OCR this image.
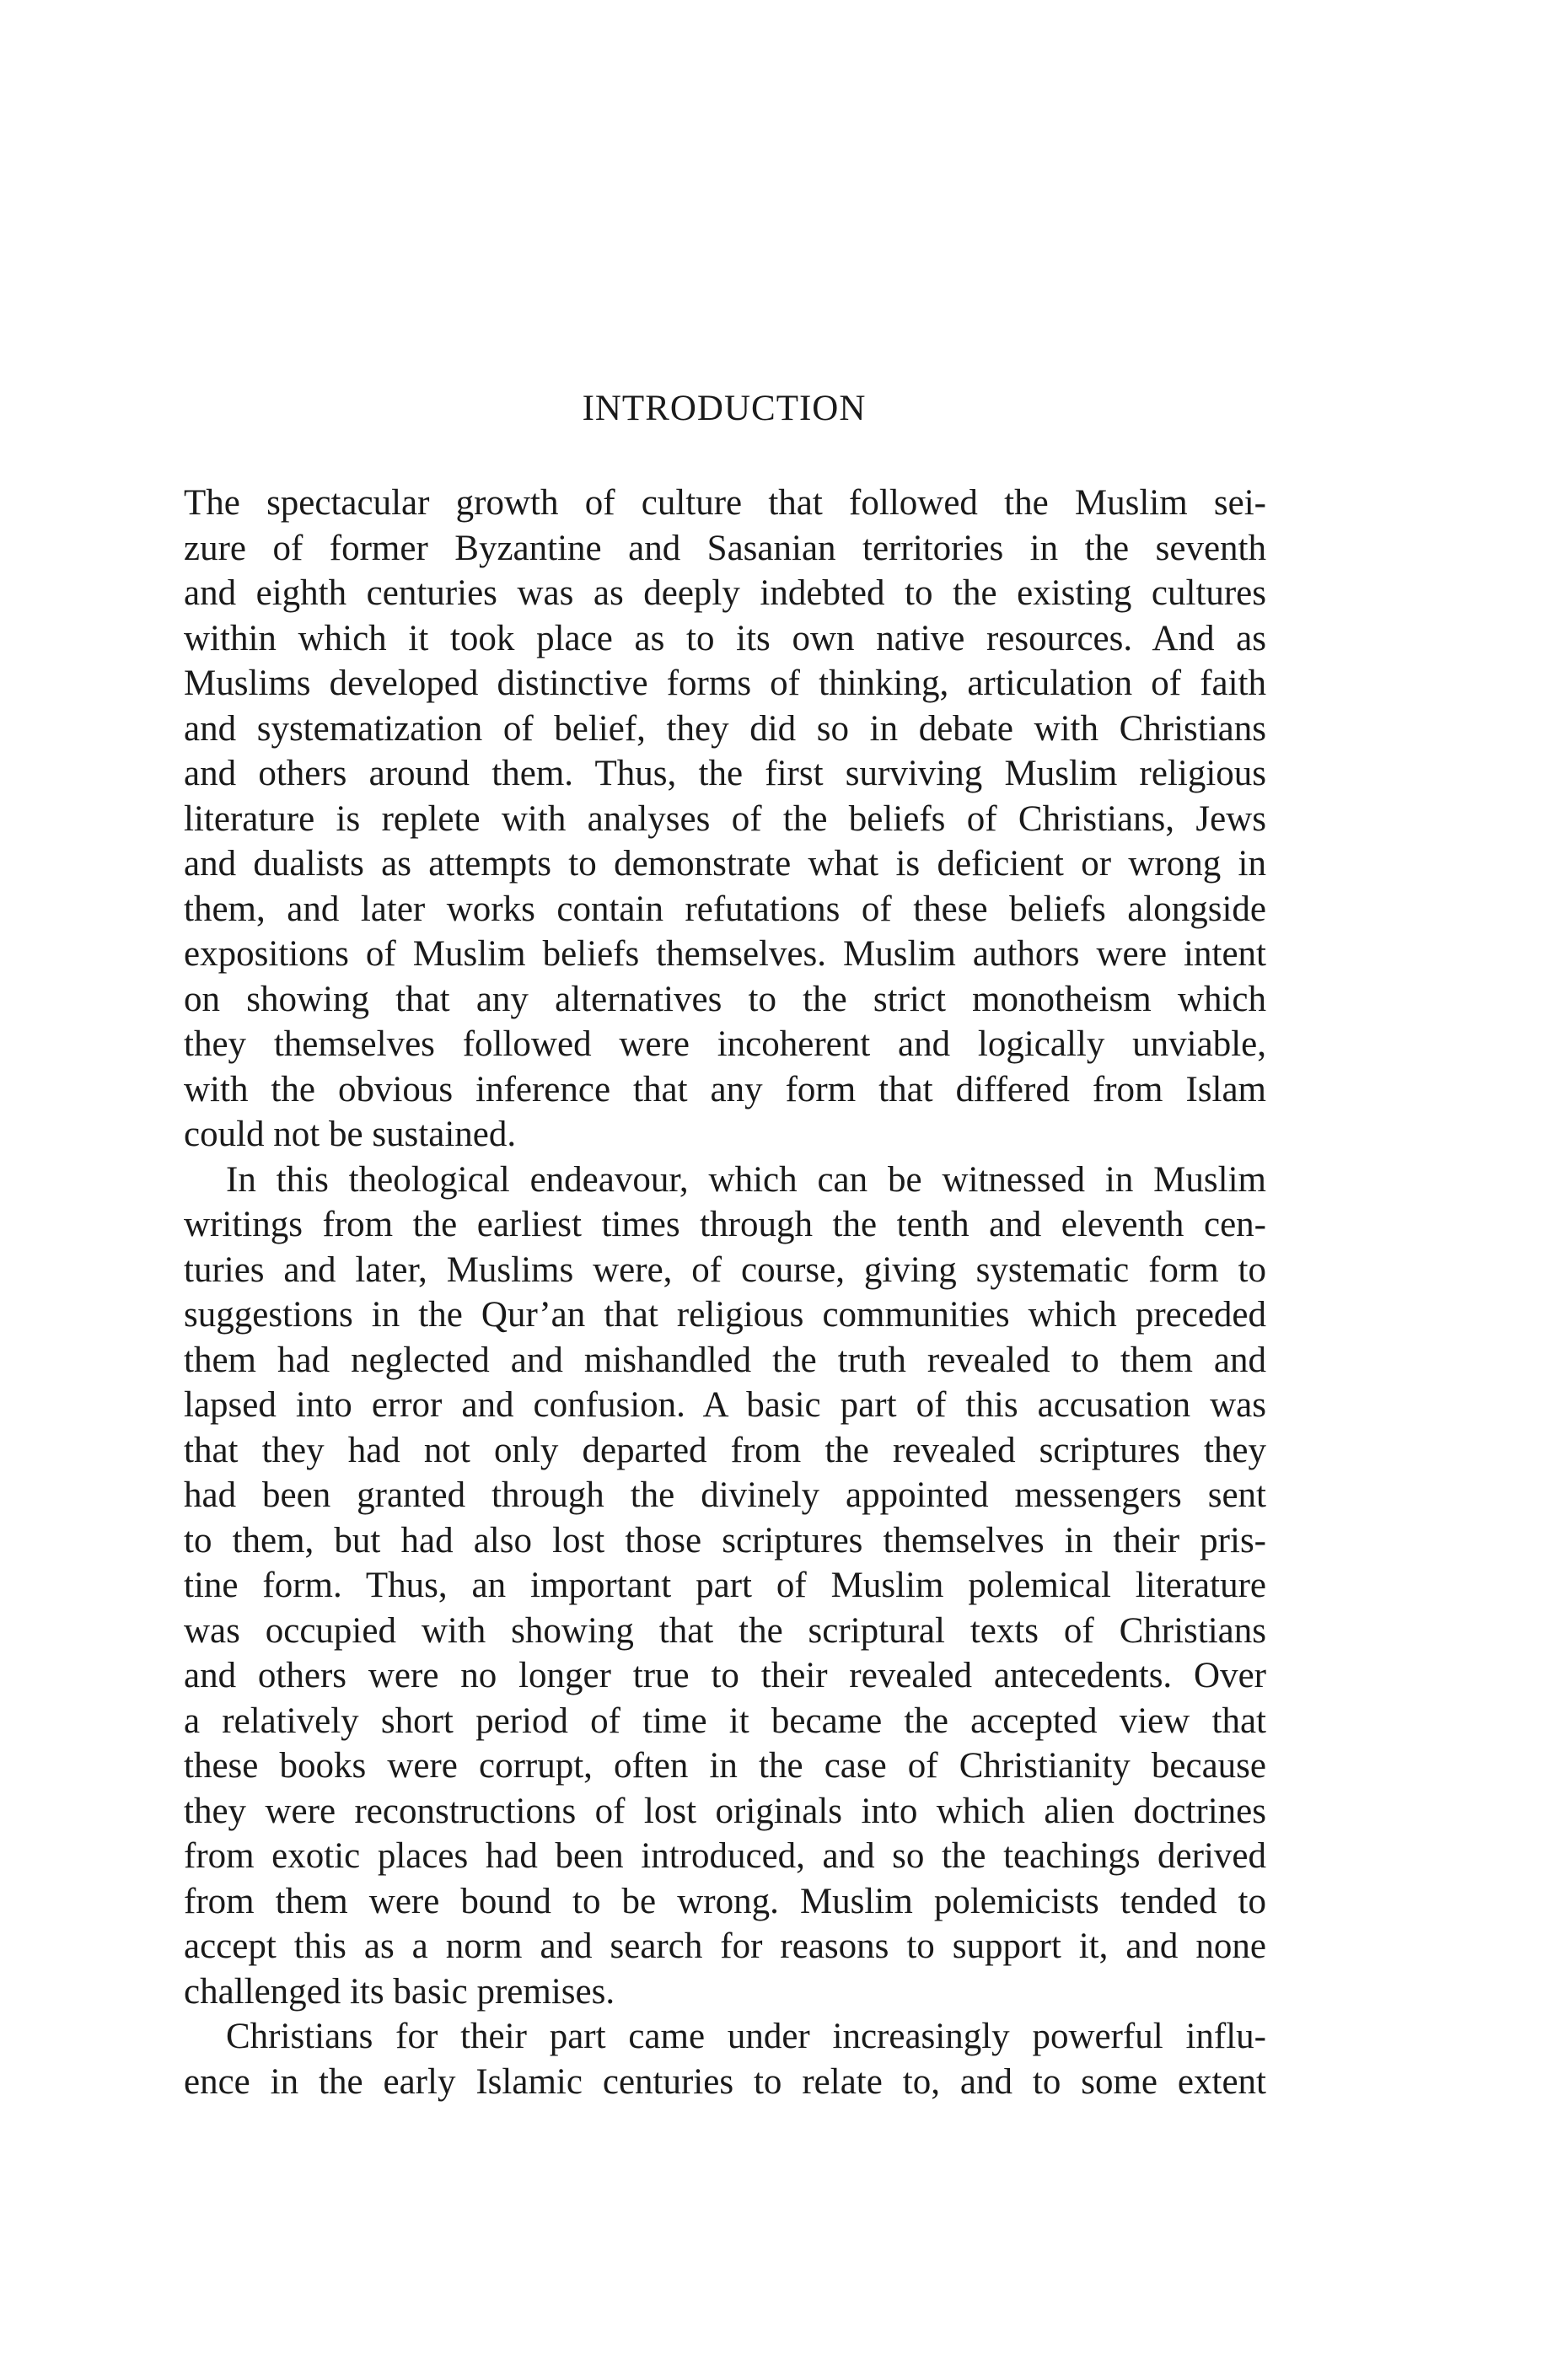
INTRODUCTION
The spectacular growth of culture that followed the Muslim sei-
zure of former Byzantine and Sasanian territories in the seventh
and eighth centuries was as deeply indebted to the existing cultures
within which it took place as to its own native resources. And as
Muslims developed distinctive forms of thinking, articulation of faith
and systematization of belief, they did so in debate with Christians
and others around them. Thus, the first surviving Muslim religious
literature is replete with analyses of the beliefs of Christians, Jews
and dualists as attempts to demonstrate what is deficient or wrong in
them, and later works contain refutations of these beliefs alongside
expositions of Muslim beliefs themselves. Muslim authors were intent
on showing that any alternatives to the strict monotheism which
they themselves followed were incoherent and logically unviable,
with the obvious inference that any form that differed from Islam
could not be sustained.
In this theological endeavour, which can be witnessed in Muslim
writings from the earliest times through the tenth and eleventh cen-
turies and later, Muslims were, of course, giving systematic form to
suggestions in the Qur’an that religious communities which preceded
them had neglected and mishandled the truth revealed to them and
lapsed into error and confusion. A basic part of this accusation was
that they had not only departed from the revealed scriptures they
had been granted through the divinely appointed messengers sent
to them, but had also lost those scriptures themselves in their pris-
tine form. Thus, an important part of Muslim polemical literature
was occupied with showing that the scriptural texts of Christians
and others were no longer true to their revealed antecedents. Over
a relatively short period of time it became the accepted view that
these books were corrupt, often in the case of Christianity because
they were reconstructions of lost originals into which alien doctrines
from exotic places had been introduced, and so the teachings derived
from them were bound to be wrong. Muslim polemicists tended to
accept this as a norm and search for reasons to support it, and none
challenged its basic premises.
Christians for their part came under increasingly powerful influ-
ence in the early Islamic centuries to relate to, and to some extent
